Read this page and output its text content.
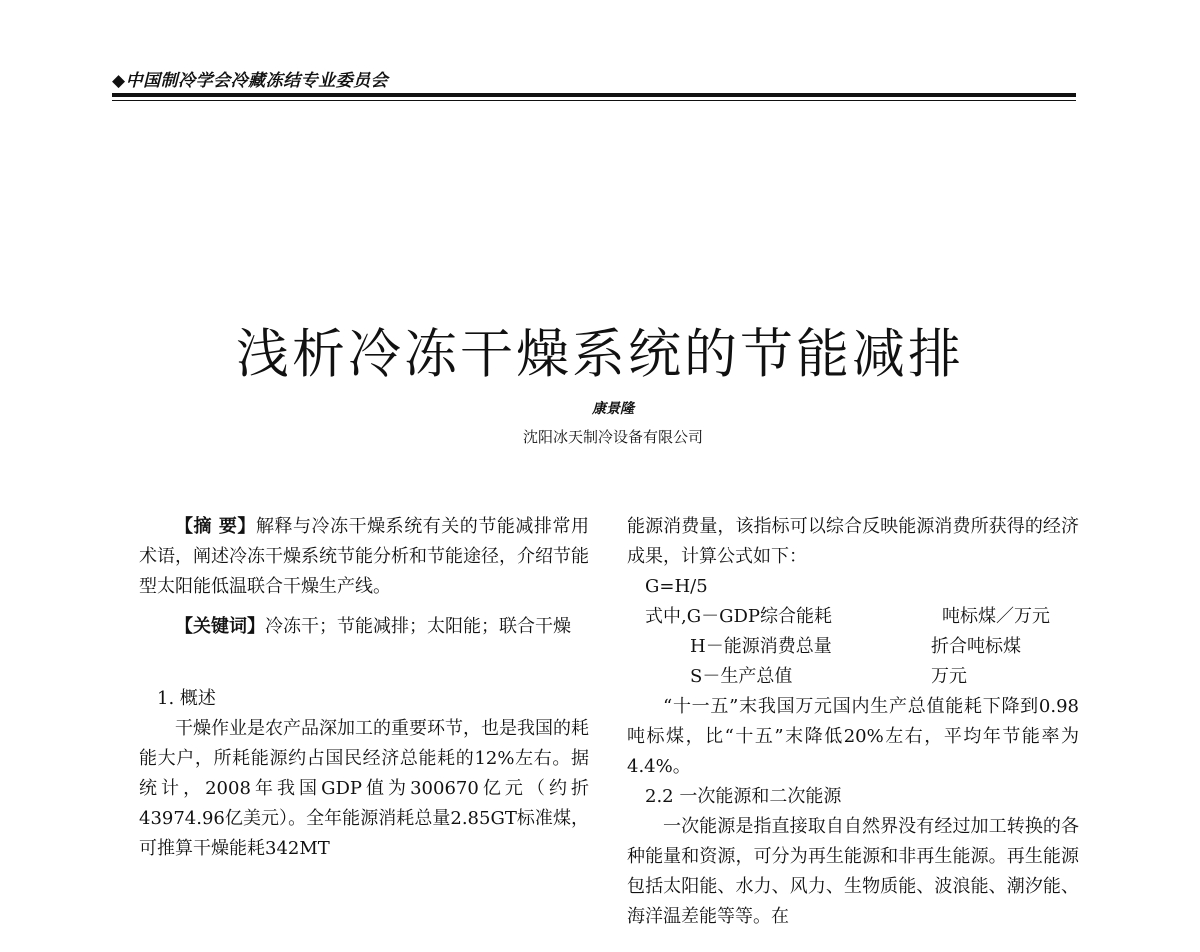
◆中国制冷学会冷藏冻结专业委员会
浅析冷冻干燥系统的节能减排
康景隆
沈阳冰天制冷设备有限公司

【摘 要】解释与冷冻干燥系统有关的节能减排常用术语，阐述冷冻干燥系统节能分析和节能途径，介绍节能型太阳能低温联合干燥生产线。

【关键词】冷冻干；节能减排；太阳能；联合干燥

1. 概述

干燥作业是农产品深加工的重要环节，也是我国的耗能大户，所耗能源约占国民经济总能耗的12%左右。据统计，2008年我国GDP值为300670亿元（约折43974.96亿美元）。全年能源消耗总量2.85GT标准煤，可推算干燥能耗342MT

能源消费量，该指标可以综合反映能源消费所获得的经济成果，计算公式如下：

G=H/5

式中,G－GDP综合能耗	吨标煤／万元
H－能源消费总量	折合吨标煤
S－生产总值	万元

“十一五”末我国万元国内生产总值能耗下降到0.98吨标煤，比“十五”末降低20%左右，平均年节能率为4.4%。

2.2 一次能源和二次能源

一次能源是指直接取自自然界没有经过加工转换的各种能量和资源，可分为再生能源和非再生能源。再生能源包括太阳能、水力、风力、生物质能、波浪能、潮汐能、海洋温差能等等。在
